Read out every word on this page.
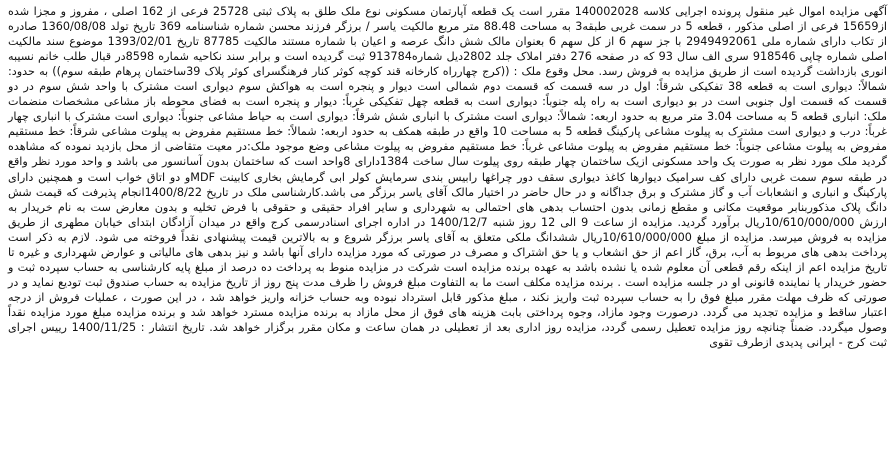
آگهی مزایده اموال غیر منقول پرونده اجرایی کلاسه 140002028 مقرر است یک قطعه آپارتمان مسکونی نوع ملک طلق به پلاک ثبتی 25728 فرعی از 162 اصلی ، مفروز و مجزا شده از15659 فرعی از اصلی مذکور ، قطعه 5 در سمت غربی طبقه3 به مساحت 88.48 متر مربع مالکیت یاسر / برزگر فرزند محسن شماره شناسنامه 369 تاریخ تولد 1360/08/08 صادره از تکاب دارای شماره ملی 2949492061 با جز سهم 6 از کل سهم 6 بعنوان مالک شش دانگ عرصه و اعیان با شماره مستند مالکیت 87785 تاریخ 1393/02/01 موضوع سند مالکیت اصلی شماره چاپی 918546 سری الف سال 93 که در صفحه 276 دفتر املاک جلد 2802دیل شماره913784 ثبت گردیده است و برابر سند نکاحیه شماره 8598در قبال طلب خانم نسیبه انوری بازداشت گردیده است از طریق مزایده به فروش رسد. محل وقوع ملک : ((کرج چهارراه کارخانه قند کوچه کوثر کنار فرهنگسرای کوثر پلاک 39ساختمان پرهام طبقه سوم)) به حدود: شمالاً: دیواری است به قطعه 38 تفکیکی شرقاً: اول در سه قسمت که قسمت دوم شمالی است دیوار و پنجره است به هواکش سوم دیواری است مشترک با واحد شش سوم در دو قسمت که قسمت اول جنوبی است در بو دیواری است به راه پله جنوباً: دیواری است به قطعه چهل تفکیکی غرباً: دیوار و پنجره است به فضای محوطه باز مشاعی مشخصات منضمات ملک: انباری قطعه 5 به مساحت 3.04 متر مربع به حدود اربعه: شمالاً: دیواری است مشترک با انباری شش شرقاً: دیواری است به حیاط مشاعی جنوباً: دیواری است مشترک با انباری چهار غرباً: درب و دیواری است مشترک به پیلوت مشاعی پارکینگ قطعه 5 به مساحت 10 واقع در طبقه همکف به حدود اربعه: شمالاً: خط مستقیم مفروض به پیلوت مشاعی شرقاً: خط مستقیم مفروض به پیلوت مشاعی جنوباً: خط مستقیم مفروض به پیلوت مشاعی غرباً: خط مستقیم مفروض به پیلوت مشاعی وضع موجود ملک:در معیت متقاضی از محل بازدید نموده که مشاهده گردید ملک مورد نظر به صورت یک واحد مسکونی ازیک ساختمان چهار طبقه روی پیلوت سال ساخت 1384دارای 8واحد است که ساختمان بدون آسانسور می باشد و واحد مورد نظر واقع در طبقه سوم سمت غربی دارای کف سرامیک دیوارها کاغذ دیواری سقف دور چراغها رابیس بندی سرمایش کولر ابی گرمایش بخاری کابینت MDFو دو اتاق خواب است و همچنین دارای پارکینگ و انباری و انشعابات آب و گاز مشترک و برق جداگانه و در حال حاضر در اختیار مالک آقای یاسر برزگر می باشد.کارشناسی ملک در تاریخ 1400/8/22انجام پذیرفت که قیمت شش دانگ پلاک مذکوربنابر موقعیت مکانی و مقطع زمانی بدون احتساب بدهی های احتمالی به شهرداری و سایر افراد حقیقی و حقوقی با فرض تخلیه و بدون معارض ست به نام خریدار به ارزش 10/610/000/000ریال برآورد گردید. مزایده از ساعت 9 الی 12 روز شنبه 1400/12/7 در اداره اجرای اسنادرسمی کرج واقع در میدان آزادگان ابتدای خیابان مطهری از طریق مزایده به فروش میرسد. مزایده از مبلغ 10/610/000/000ریال ششدانگ ملکی متعلق به آقای یاسر برزگر شروع و به بالاترین قیمت پیشنهادی نقداً فروخته می شود. لازم به ذکر است پرداخت بدهی های مربوط به آب، برق، گاز اعم از حق انشعاب و یا حق اشتراک و مصرف در صورتی که مورد مزایده دارای آنها باشد و نیز بدهی های مالیاتی و عوارض شهرداری و غیره تا تاریخ مزایده اعم از اینکه رقم قطعی آن معلوم شده یا نشده باشد به عهده برنده مزایده است شرکت در مزایده منوط به پرداخت ده درصد از مبلغ پایه کارشناسی به حساب سپرده ثبت و حضور خریدار یا نماینده قانونی او در جلسه مزایده است . برنده مزایده مکلف است ما به التفاوت مبلغ فروش را ظرف مدت پنج روز از تاریخ مزایده به حساب صندوق ثبت تودیع نماید و در صورتی که ظرف مهلت مقرر مبلغ فوق را به حساب سپرده ثبت واریز نکند ، مبلغ مذکور قابل استرداد نبوده وبه حساب خزانه واریز خواهد شد ، در این صورت ، عملیات فروش از درجه اعتبار ساقط و مزایده تجدید می گردد. درصورت وجود مازاد، وجوه پرداختی بابت هزینه های فوق از محل مازاد به برنده مزایده مسترد خواهد شد و برنده مزایده مبلغ مورد مزایده نقداً وصول میگردد. ضمناً چنانچه روز مزایده تعطیل رسمی گردد، مزایده روز اداری بعد از تعطیلی در همان ساعت و مکان مقرر برگزار خواهد شد. تاریخ انتشار : 1400/11/25 رییس اجرای ثبت کرج - ایرانی پدیدی ازطرف تقوی
